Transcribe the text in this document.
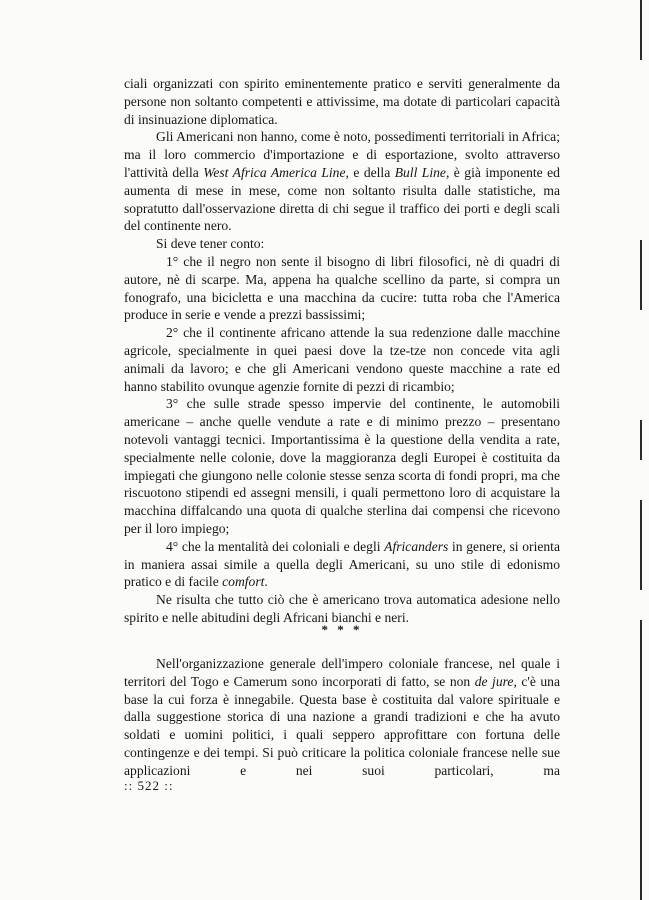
ciali organizzati con spirito eminentemente pratico e serviti generalmente da persone non soltanto competenti e attivissime, ma dotate di particolari capacità di insinuazione diplomatica.

Gli Americani non hanno, come è noto, possedimenti territoriali in Africa; ma il loro commercio d'importazione e di esportazione, svolto attraverso l'attività della West Africa America Line, e della Bull Line, è già imponente ed aumenta di mese in mese, come non soltanto risulta dalle statistiche, ma sopratutto dall'osservazione diretta di chi segue il traffico dei porti e degli scali del continente nero.

Si deve tener conto:

1° che il negro non sente il bisogno di libri filosofici, nè di quadri di autore, nè di scarpe. Ma, appena ha qualche scellino da parte, si compra un fonografo, una bicicletta e una macchina da cucire: tutta roba che l'America produce in serie e vende a prezzi bassissimi;

2° che il continente africano attende la sua redenzione dalle macchine agricole, specialmente in quei paesi dove la tze-tze non concede vita agli animali da lavoro; e che gli Americani vendono queste macchine a rate ed hanno stabilito ovunque agenzie fornite di pezzi di ricambio;

3° che sulle strade spesso impervie del continente, le automobili americane – anche quelle vendute a rate e di minimo prezzo – presentano notevoli vantaggi tecnici. Importantissima è la questione della vendita a rate, specialmente nelle colonie, dove la maggioranza degli Europei è costituita da impiegati che giungono nelle colonie stesse senza scorta di fondi propri, ma che riscuotono stipendi ed assegni mensili, i quali permettono loro di acquistare la macchina diffalcando una quota di qualche sterlina dai compensi che ricevono per il loro impiego;

4° che la mentalità dei coloniali e degli Africanders in genere, si orienta in maniera assai simile a quella degli Americani, su uno stile di edonismo pratico e di facile comfort.

Ne risulta che tutto ciò che è americano trova automatica adesione nello spirito e nelle abitudini degli Africani bianchi e neri.

* * *

Nell'organizzazione generale dell'impero coloniale francese, nel quale i territori del Togo e Camerum sono incorporati di fatto, se non de jure, c'è una base la cui forza è innegabile. Questa base è costituita dal valore spirituale e dalla suggestione storica di una nazione a grandi tradizioni e che ha avuto soldati e uomini politici, i quali seppero approfittare con fortuna delle contingenze e dei tempi. Si può criticare la politica coloniale francese nelle sue applicazioni e nei suoi particolari, ma

:: 522 ::
